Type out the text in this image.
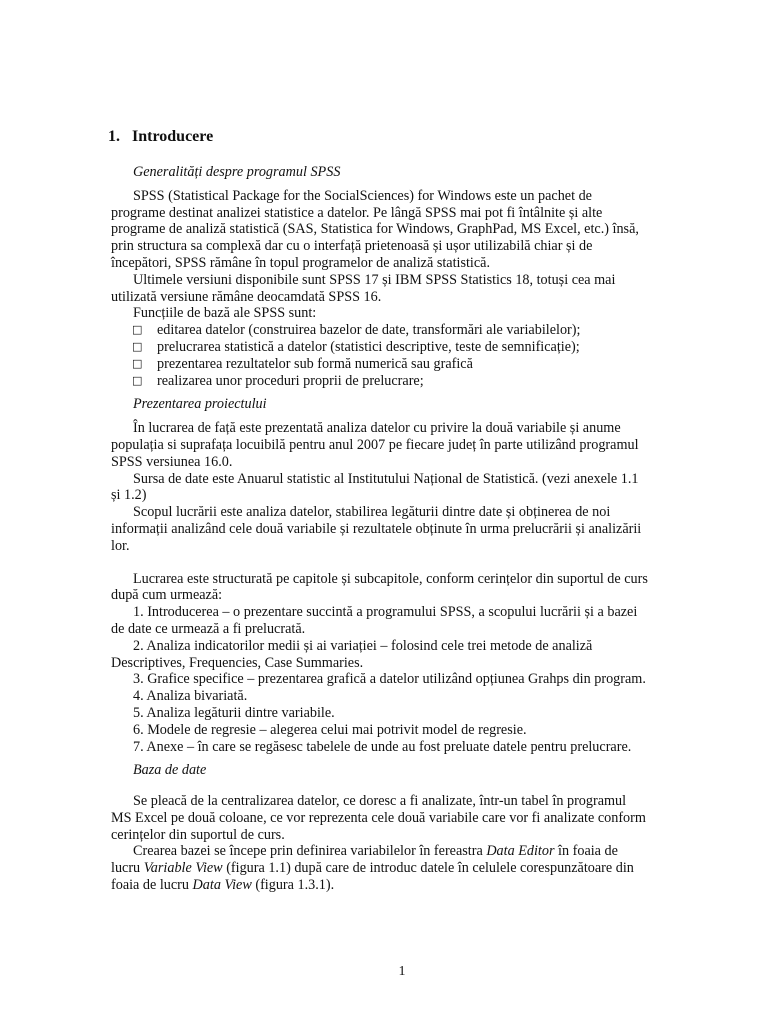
1. Introducere
Generalități despre programul SPSS
SPSS (Statistical Package for the SocialSciences) for Windows este un pachet de
programe destinat analizei statistice a datelor. Pe lângă SPSS mai pot fi întâlnite și alte
programe de analiză statistică (SAS, Statistica for Windows, GraphPad, MS Excel, etc.) însă,
prin structura sa complexă dar cu o interfață prietenoasă și ușor utilizabilă chiar și de
începători, SPSS rămâne în topul programelor de analiză statistică.
Ultimele versiuni disponibile sunt SPSS 17 și IBM SPSS Statistics 18, totuși cea mai
utilizată versiune rămâne deocamdată SPSS 16.
Funcțiile de bază ale SPSS sunt:
□ editarea datelor (construirea bazelor de date, transformări ale variabilelor);
□ prelucrarea statistică a datelor (statistici descriptive, teste de semnificație);
□ prezentarea rezultatelor sub formă numerică sau grafică
□ realizarea unor proceduri proprii de prelucrare;
Prezentarea proiectului
În lucrarea de față este prezentată analiza datelor cu privire la două variabile și anume
populația si suprafața locuibilă pentru anul 2007 pe fiecare județ în parte utilizând programul
SPSS versiunea 16.0.
Sursa de date este Anuarul statistic al Institutului Național de Statistică. (vezi anexele 1.1
și 1.2)
Scopul lucrării este analiza datelor, stabilirea legăturii dintre date și obținerea de noi
informații analizând cele două variabile și rezultatele obținute în urma prelucrării și analizării
lor.
Lucrarea este structurată pe capitole și subcapitole, conform cerințelor din suportul de curs
după cum urmează:
1. Introducerea – o prezentare succintă a programului SPSS, a scopului lucrării și a bazei
de date ce urmează a fi prelucrată.
2. Analiza indicatorilor medii și ai variației – folosind cele trei metode de analiză
Descriptives, Frequencies, Case Summaries.
3. Grafice specifice – prezentarea grafică a datelor utilizând opțiunea Grahps din program.
4. Analiza bivariată.
5. Analiza legăturii dintre variabile.
6. Modele de regresie – alegerea celui mai potrivit model de regresie.
7. Anexe – în care se regăsesc tabelele de unde au fost preluate datele pentru prelucrare.
Baza de date
Se pleacă de la centralizarea datelor, ce doresc a fi analizate, într-un tabel în programul
MS Excel pe două coloane, ce vor reprezenta cele două variabile care vor fi analizate conform
cerințelor din suportul de curs.
Crearea bazei se începe prin definirea variabilelor în fereastra Data Editor în foaia de
lucru Variable View (figura 1.1) după care de introduc datele în celulele corespunzătoare din
foaia de lucru Data View (figura 1.3.1).
1
